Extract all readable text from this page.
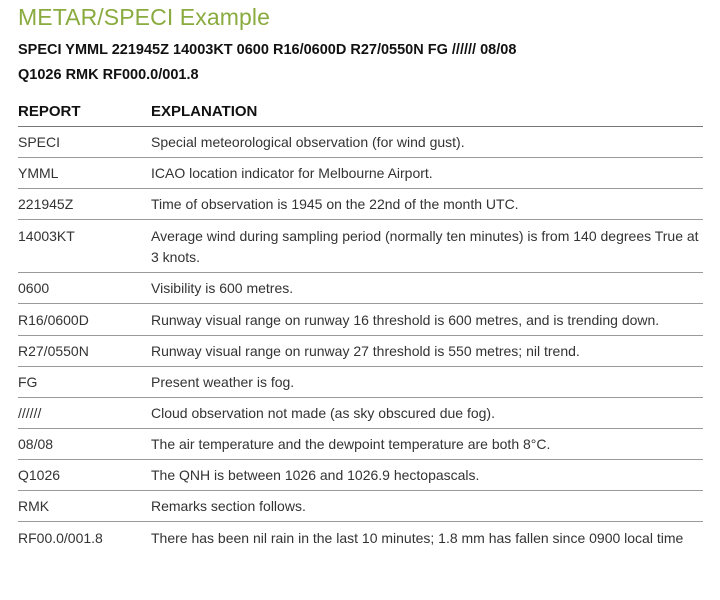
METAR/SPECI Example
SPECI YMML 221945Z 14003KT 0600 R16/0600D R27/0550N FG ////// 08/08
Q1026 RMK RF000.0/001.8
REPORT	EXPLANATION
SPECI	Special meteorological observation (for wind gust).
YMML	ICAO location indicator for Melbourne Airport.
221945Z	Time of observation is 1945 on the 22nd of the month UTC.
14003KT	Average wind during sampling period (normally ten minutes) is from 140 degrees True at 3 knots.
0600	Visibility is 600 metres.
R16/0600D	Runway visual range on runway 16 threshold is 600 metres, and is trending down.
R27/0550N	Runway visual range on runway 27 threshold is 550 metres; nil trend.
FG	Present weather is fog.
//////	Cloud observation not made (as sky obscured due fog).
08/08	The air temperature and the dewpoint temperature are both 8°C.
Q1026	The QNH is between 1026 and 1026.9 hectopascals.
RMK	Remarks section follows.
RF00.0/001.8	There has been nil rain in the last 10 minutes; 1.8 mm has fallen since 0900 local time
